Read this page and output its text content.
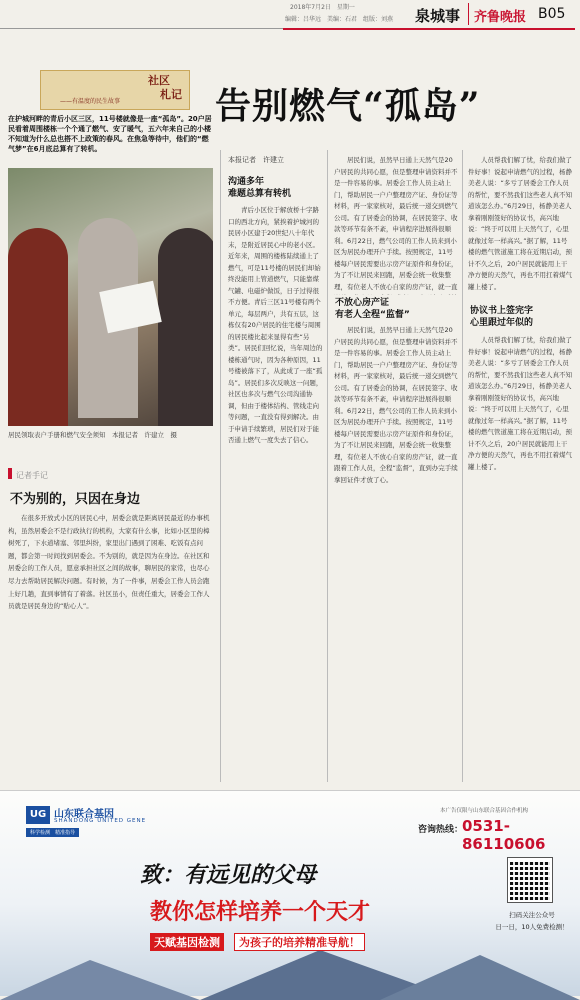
2018年7月2日　星期一
编辑：吕华远　美编：石君　组版：刘燕 泉城事 齐鲁晚报 B05
社区
札记
——有温度的民生故事	告别燃气“孤岛”
在护城河畔的青后小区三区，11号楼就像是一座“孤岛”。20户居民看着周围楼栋一个个通了燃气、安了暖气，五六年来自己的小楼不知道为什么总也搭不上政策的春风。在焦急等待中，他们的“燃气梦”在6月底总算有了转机。
居民领取表户手册和燃气安全须知　本报记者　许建立　摄
记者手记
不为别的，只因在身边
在很多开放式小区的居民心中，居委会就是距离居民最近的办事机构，虽然居委会不是行政执行的机构，大家有什么事，比如小区里的樟树死了，下水道堵塞、邻里纠纷，家里出门遇到了困难、吃饭有点问题，都会第一时间找到居委会。不为别的，就是因为在身边。在社区和居委会的工作人员，愿意承担社区之间的故事，聊居民的家常，也尽心尽力去帮助居民解决问题。有时候，为了一件事，居委会工作人员会跑上好几趟，直到事情有了着落。社区虽小，但责任重大，居委会工作人员就是居民身边的“贴心人”。
本报记者　许建立
沟通多年
难题总算有转机
青后小区位于解放桥十字路口的西北方向，紧挨着护城河的民居小区建于20世纪八十年代末，是附近居民心中的老小区。近年来，周围的楼栋陆续通上了燃气，可是11号楼的居民们却始终没能用上管道燃气，只能靠煤气罐、电磁炉做饭，日子过得很不方便。青后三区11号楼有两个单元，每层两户，共有五层，这栋仅有20户居民的住宅楼与周围的居民楼比起来显得有些“另类”。居民们回忆说，当年周边的楼栋通气时，因为各种原因，11号楼被落下了，从此成了一座“孤岛”。居民们多次反映这一问题，社区也多次与燃气公司沟通协调，但由于楼体结构、管线走向等问题，一直没有得到解决。由于申请手续繁琐，居民们对于能否通上燃气一度失去了信心。
居民们说，虽然早日通上天然气是20户居民的共同心愿，但是整理申请资料并不是一件容易的事。居委会工作人员主动上门，帮助居民一户户整理房产证、身份证等材料，再一家家核对，最后统一递交到燃气公司。有了居委会的协调，在居民签字、收款等环节有条不紊，申请程序进展得很顺利。6月22日，燃气公司的工作人员来到小区为居民办理开户手续。按照规定，11号楼每户居民需要出示房产证原件和身份证，为了不让居民来回跑，居委会统一收集整理，有位老人不放心自家的房产证，就一直
不放心房产证
有老人全程“监督”
居民们说，虽然早日通上天然气是20户居民的共同心愿，但是整理申请资料并不是一件容易的事。居委会工作人员主动上门，帮助居民一户户整理房产证、身份证等材料，再一家家核对，最后统一递交到燃气公司。有了居委会的协调，在居民签字、收款等环节有条不紊，申请程序进展得很顺利。6月22日，燃气公司的工作人员来到小区为居民办理开户手续。按照规定，11号楼每户居民需要出示房产证原件和身份证，为了不让居民来回跑，居委会统一收集整理，有位老人不放心自家的房产证，就一直跟着工作人员，全程“监督”，直到办完手续拿回证件才放了心。
人员帮我们解了忧，给我们做了件好事！说起申请燃气的过程，杨静美老人说：“多亏了居委会工作人员的帮忙，要不然我们这些老人真不知道该怎么办。”6月29日，杨静美老人拿着刚刚签好的协议书，高兴地说：“终于可以用上天然气了，心里就像过年一样高兴。”据了解，11号楼的燃气管道施工将在近期启动，预计不久之后，20户居民就能用上干净方便的天然气，再也不用扛着煤气罐上楼了。
协议书上签完字
心里跟过年似的
人员帮我们解了忧，给我们做了件好事！说起申请燃气的过程，杨静美老人说：“多亏了居委会工作人员的帮忙，要不然我们这些老人真不知道该怎么办。”6月29日，杨静美老人拿着刚刚签好的协议书，高兴地说：“终于可以用上天然气了，心里就像过年一样高兴。”据了解，11号楼的燃气管道施工将在近期启动，预计不久之后，20户居民就能用上干净方便的天然气，再也不用扛着煤气罐上楼了。
UG 山东联合基因
SHANDONG UNITED GENE
科学检测　精准指导
本广告仅限与山东联合基因合作机构
咨询热线：
0531-86110606
致：有远见的父母
教你怎样培养一个天才
天赋基因检测	为孩子的培养精准导航！
扫码关注公众号
日一日，10人免费检测！
